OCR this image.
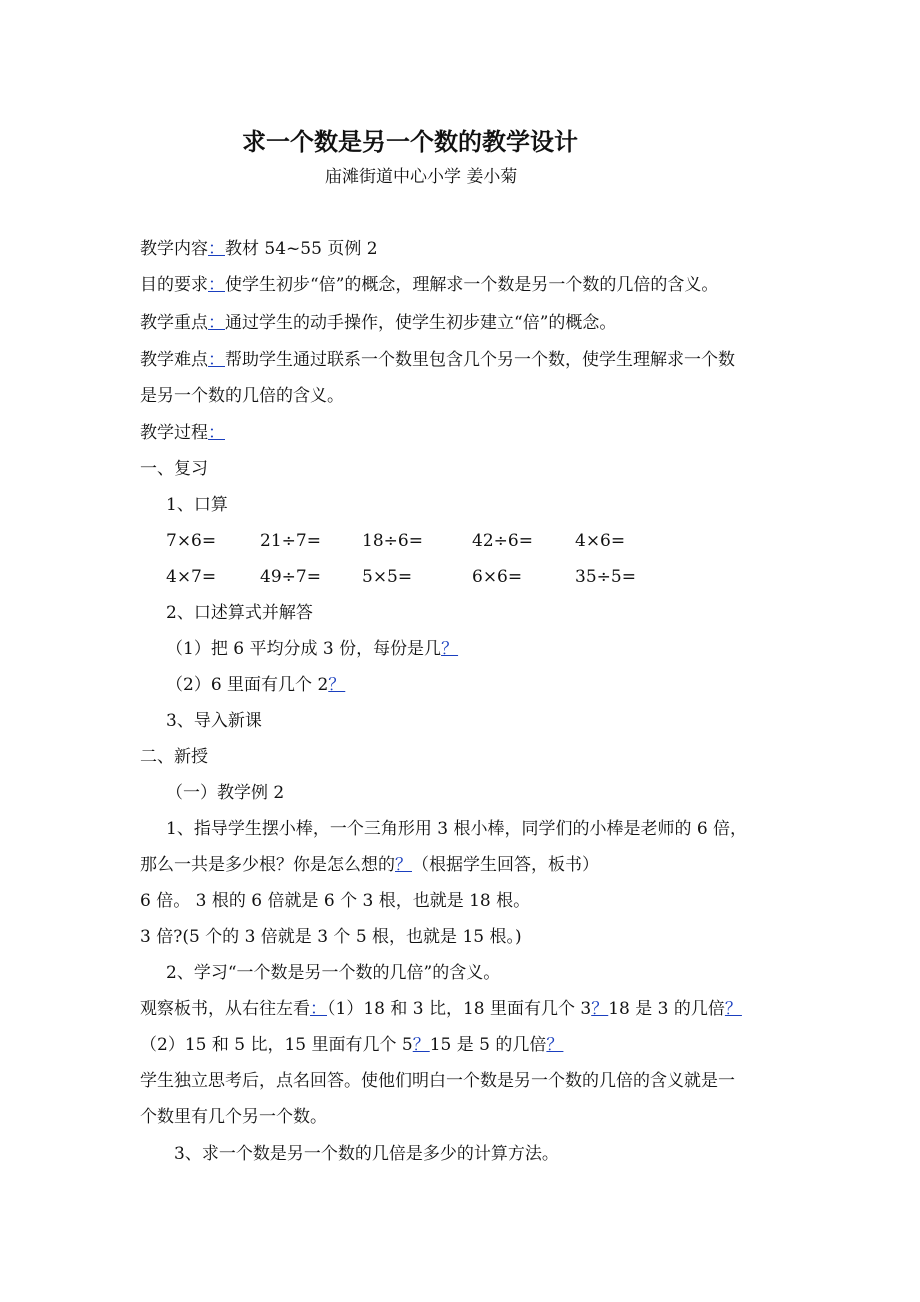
求一个数是另一个数的教学设计
庙滩街道中心小学 姜小菊
教学内容：教材 54~55 页例 2
目的要求：使学生初步“倍”的概念，理解求一个数是另一个数的几倍的含义。
教学重点：通过学生的动手操作，使学生初步建立“倍”的概念。
教学难点：帮助学生通过联系一个数里包含几个另一个数，使学生理解求一个数
是另一个数的几倍的含义。
教学过程：
一、复习
1、口算
7×6=	21÷7= 18÷6=	42÷6= 4×6=
4×7=	49÷7= 5×5=	6×6=	35÷5=
2、口述算式并解答
（1）把 6 平均分成 3 份，每份是几？
（2）6 里面有几个 2？
3、导入新课
二、新授
（一）教学例 2
1、指导学生摆小棒，一个三角形用 3 根小棒，同学们的小棒是老师的 6 倍，
那么一共是多少根？你是怎么想的？（根据学生回答，板书）
6 倍。 3 根的 6 倍就是 6 个 3 根，也就是 18 根。
3 倍?(5 个的 3 倍就是 3 个 5 根，也就是 15 根。)
2、学习“一个数是另一个数的几倍”的含义。
观察板书，从右往左看：（1）18 和 3 比，18 里面有几个 3？18 是 3 的几倍？
（2）15 和 5 比，15 里面有几个 5？15 是 5 的几倍？
学生独立思考后，点名回答。使他们明白一个数是另一个数的几倍的含义就是一
个数里有几个另一个数。
3、求一个数是另一个数的几倍是多少的计算方法。
